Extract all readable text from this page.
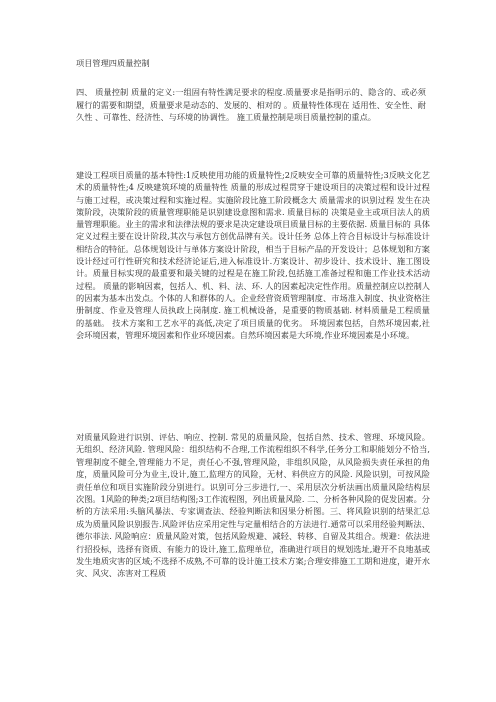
项目管理四质量控制
四、 质量控制 质量的定义:一组固有特性满足要求的程度.质量要求是指明示的、隐含的、或必须履行的需要和期望，质量要求是动态的、发展的、相对的 。质量特性体现在 适用性、安全性、耐久性 、可靠性、经济性、与环境的协调性。 施工质量控制是项目质量控制的重点。
建设工程项目质量的基本特性:1反映使用功能的质量特性;2反映安全可靠的质量特性;3反映文化艺术的质量特性;4 反映建筑环境的质量特性 质量的形成过程贯穿于建设项目的决策过程和设计过程与施工过程，或决策过程和实施过程。实施阶段比施工阶段概念大 质量需求的识别过程 发生在决策阶段，决策阶段的质量管理职能是识别建设意图和需求. 质量目标的 决策是业主或项目法人的质量管理职能。业主的需求和法律法规的要求是决定建设项目质量目标的主要依据. 质量目标的 具体定义过程主要在设计阶段,其次与承包方创优品牌有关。设计任务 总体上符合目标设计与标准设计相结合的特征。总体规划设计与单体方案设计阶段，相当于目标产品的开发设计；总体规划和方案设计经过可行性研究和技术经济论证后,进入标准设计.方案设计、初步设计、技术设计、施工图设计。质量目标实现的最重要和最关键的过程是在施工阶段,包括施工准备过程和施工作业技术活动过程。 质量的影响因素，包括人、机、料、法、环. 人的因素起决定性作用。质量控制应以控制人的因素为基本出发点。个体的人和群体的人。企业经营资质管理制度、市场准入制度、执业资格注册制度、作业及管理人员执政上岗制度. 施工机械设备，是重要的物质基础. 材料质量是工程质量的基础。 技术方案和工艺水平的高低,决定了项目质量的优劣。 环境因素包括，自然环境因素,社会环境因素，管理环境因素和作业环境因素。自然环境因素是大环境,作业环境因素是小环境。
对质量风险进行识别、评估、响应、控制. 常见的质量风险，包括自然、技术、管理、环境风险。无组织、经济风险. 管理风险：组织结构不合理,工作流程组织不科学,任务分工和职能划分不恰当,管理制度不健全,管理能力不足，责任心不强,管理风险，非组织风险，从风险损失责任承担的角度，质量风险可分为业主,设计,施工,监理方的风险，无材、料供应方的风险. 风险识别，可按风险责任单位和项目实施阶段分别进行。识别可分三步进行,一、采用层次分析法画出质量风险结构层次图。1风险的种类;2项目结构图;3工作流程图，列出质量风险. 二、分析各种风险的促发因素。分析的方法采用:头脑风暴法、专家调查法、经验判断法和因果分析图。三、将风险识别的结果汇总成为质量风险识别报告.风险评估应采用定性与定量相结合的方法进行.通常可以采用经验判断法、德尔菲法. 风险响应：质量风险对策，包括风险规避、减轻、转移、自留及其组合。规避：依法进行招投标，选择有资质、有能力的设计,施工,监理单位，准确进行项目的规划选址,避开不良地基或发生地质灾害的区域;不选择不成熟,不可靠的设计施工技术方案;合理安排施工工期和进度，避开水灾、风灾、冻害对工程质
